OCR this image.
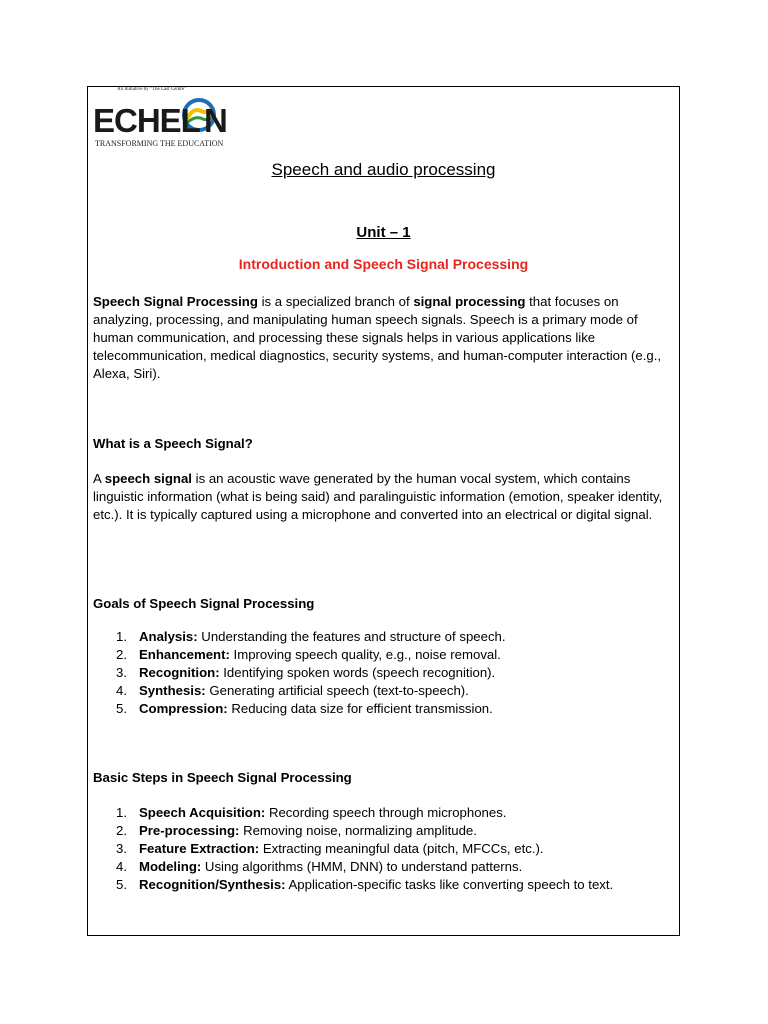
An Initiative by "The Last Centre"
ECHEL N
TRANSFORMING THE EDUCATION
Speech and audio processing
Unit – 1
Introduction and Speech Signal Processing
Speech Signal Processing is a specialized branch of signal processing that focuses on analyzing, processing, and manipulating human speech signals. Speech is a primary mode of human communication, and processing these signals helps in various applications like telecommunication, medical diagnostics, security systems, and human-computer interaction (e.g., Alexa, Siri).
What is a Speech Signal?
A speech signal is an acoustic wave generated by the human vocal system, which contains linguistic information (what is being said) and paralinguistic information (emotion, speaker identity, etc.). It is typically captured using a microphone and converted into an electrical or digital signal.
Goals of Speech Signal Processing
1. Analysis: Understanding the features and structure of speech.
2. Enhancement: Improving speech quality, e.g., noise removal.
3. Recognition: Identifying spoken words (speech recognition).
4. Synthesis: Generating artificial speech (text-to-speech).
5. Compression: Reducing data size for efficient transmission.
Basic Steps in Speech Signal Processing
1. Speech Acquisition: Recording speech through microphones.
2. Pre-processing: Removing noise, normalizing amplitude.
3. Feature Extraction: Extracting meaningful data (pitch, MFCCs, etc.).
4. Modeling: Using algorithms (HMM, DNN) to understand patterns.
5. Recognition/Synthesis: Application-specific tasks like converting speech to text.
